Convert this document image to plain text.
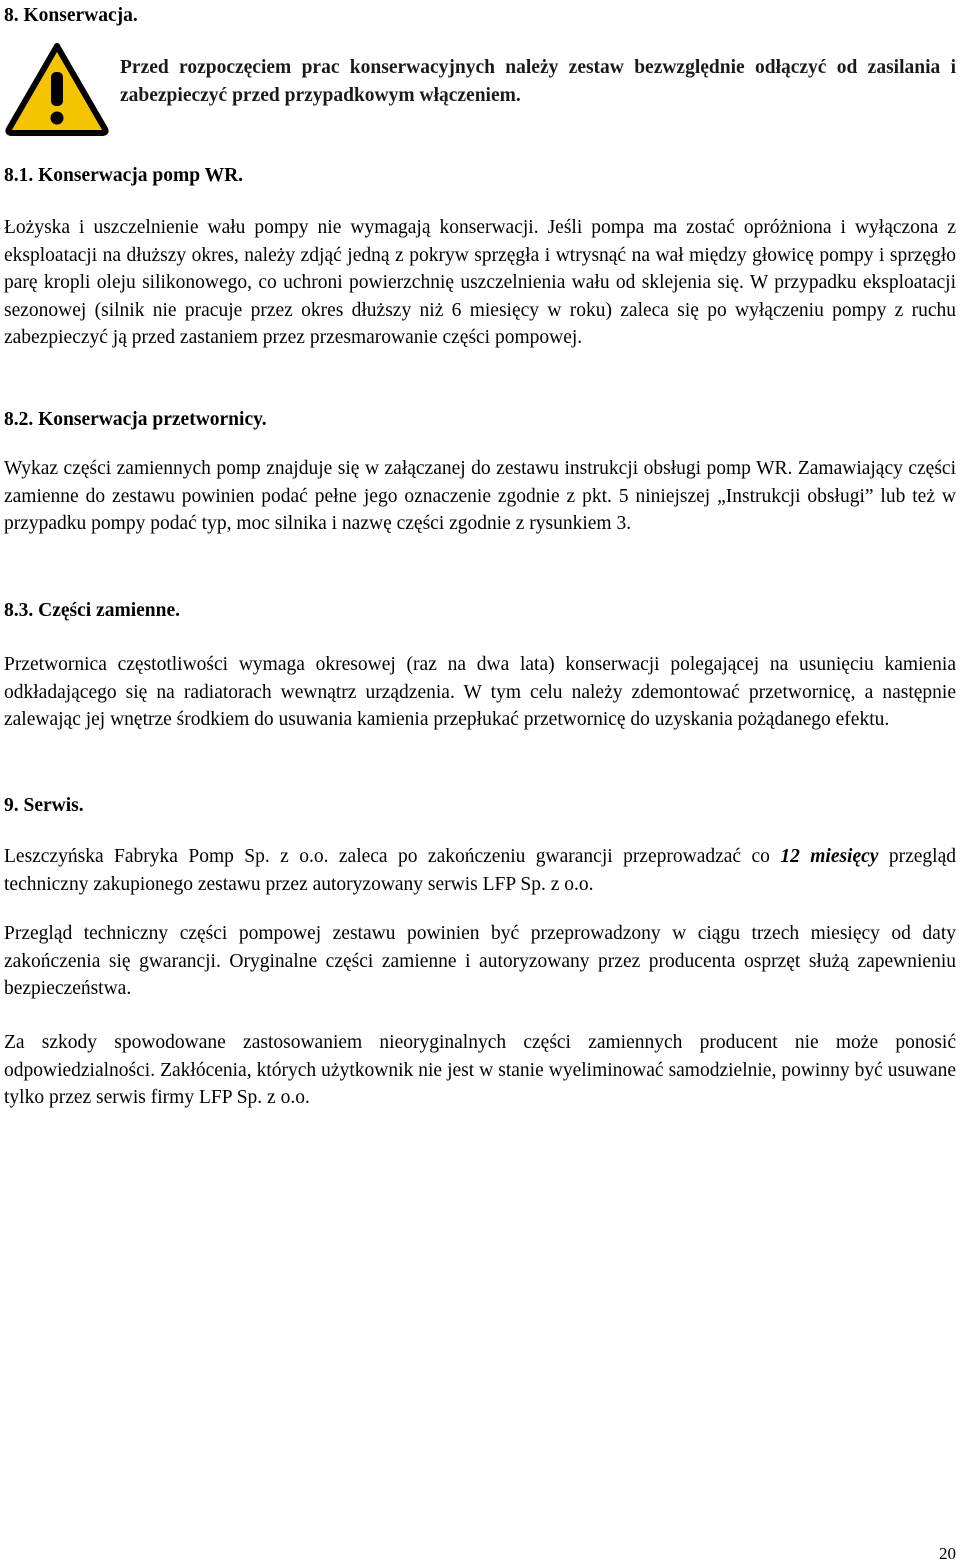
8. Konserwacja.

Przed rozpoczęciem prac konserwacyjnych należy zestaw bezwzględnie odłączyć od zasilania i zabezpieczyć przed przypadkowym włączeniem.

8.1. Konserwacja pomp WR.

Łożyska i uszczelnienie wału pompy nie wymagają konserwacji. Jeśli pompa ma zostać opróżniona i wyłączona z eksploatacji na dłuższy okres, należy zdjąć jedną z pokryw sprzęgła i wtrysnąć na wał między głowicę pompy i sprzęgło parę kropli oleju silikonowego, co uchroni powierzchnię uszczelnienia wału od sklejenia się. W przypadku eksploatacji sezonowej (silnik nie pracuje przez okres dłuższy niż 6 miesięcy w roku) zaleca się po wyłączeniu pompy z ruchu zabezpieczyć ją przed zastaniem przez przesmarowanie części pompowej.

8.2. Konserwacja przetwornicy.

Wykaz części zamiennych pomp znajduje się w załączanej do zestawu instrukcji obsługi pomp WR. Zamawiający części zamienne do zestawu powinien podać pełne jego oznaczenie zgodnie z pkt. 5 niniejszej „Instrukcji obsługi” lub też w przypadku pompy podać typ, moc silnika i nazwę części zgodnie z rysunkiem 3.

8.3. Części zamienne.

Przetwornica częstotliwości wymaga okresowej (raz na dwa lata) konserwacji polegającej na usunięciu kamienia odkładającego się na radiatorach wewnątrz urządzenia. W tym celu należy zdemontować przetwornicę, a następnie zalewając jej wnętrze środkiem do usuwania kamienia przepłukać przetwornicę do uzyskania pożądanego efektu.

9. Serwis.

Leszczyńska Fabryka Pomp Sp. z o.o. zaleca po zakończeniu gwarancji przeprowadzać co 12 miesięcy przegląd techniczny zakupionego zestawu przez autoryzowany serwis LFP Sp. z o.o.

Przegląd techniczny części pompowej zestawu powinien być przeprowadzony w ciągu trzech miesięcy od daty zakończenia się gwarancji. Oryginalne części zamienne i autoryzowany przez producenta osprzęt służą zapewnieniu bezpieczeństwa.

Za szkody spowodowane zastosowaniem nieoryginalnych części zamiennych producent nie może ponosić odpowiedzialności. Zakłócenia, których użytkownik nie jest w stanie wyeliminować samodzielnie, powinny być usuwane tylko przez serwis firmy LFP Sp. z o.o.

20
